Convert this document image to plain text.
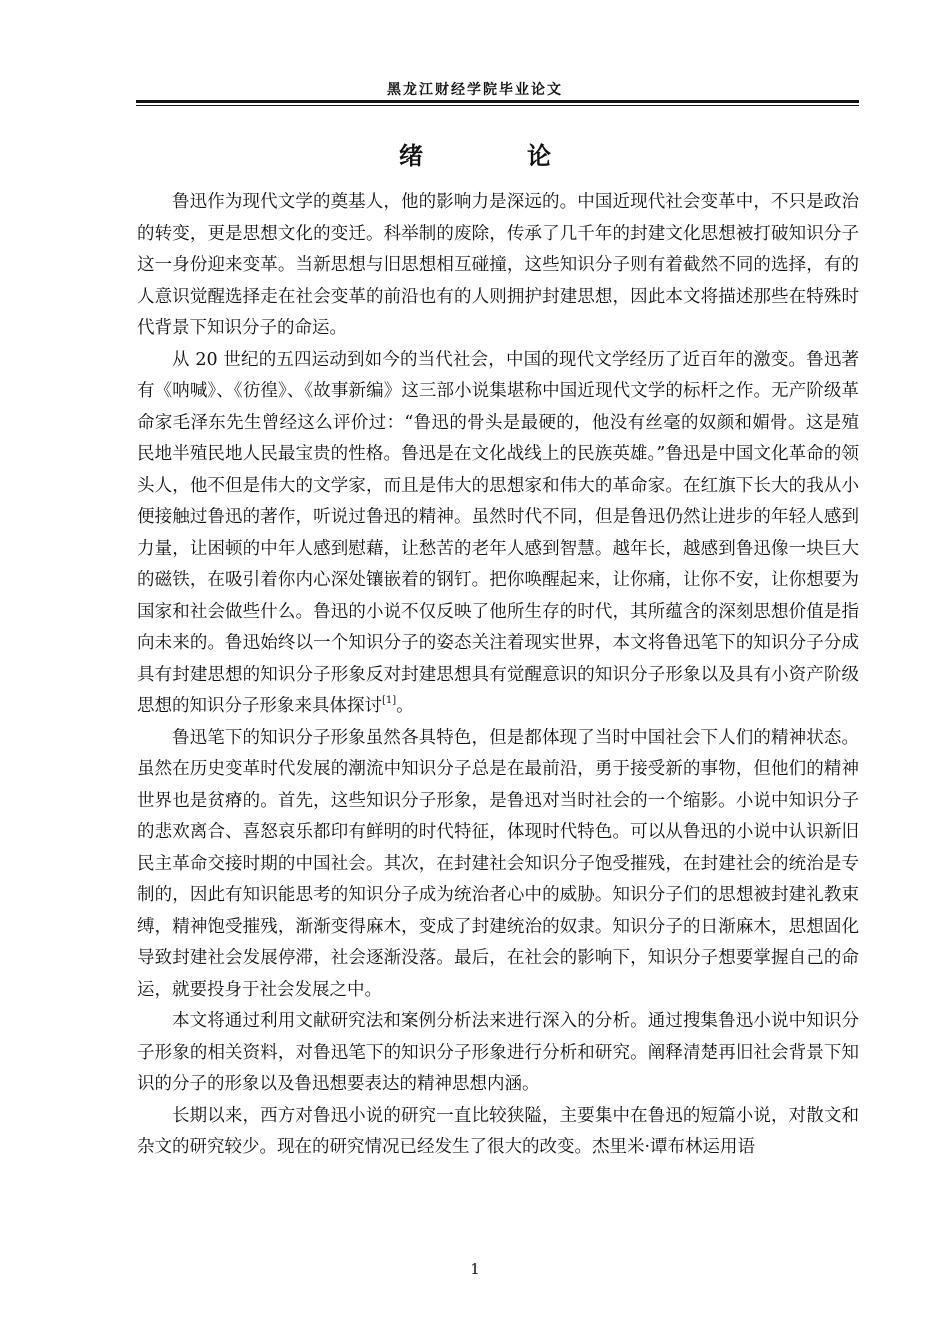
黑龙江财经学院毕业论文
绪　论

鲁迅作为现代文学的奠基人，他的影响力是深远的。中国近现代社会变革中，不只是政治的转变，更是思想文化的变迁。科举制的废除，传承了几千年的封建文化思想被打破知识分子这一身份迎来变革。当新思想与旧思想相互碰撞，这些知识分子则有着截然不同的选择，有的人意识觉醒选择走在社会变革的前沿也有的人则拥护封建思想，因此本文将描述那些在特殊时代背景下知识分子的命运。

从 20 世纪的五四运动到如今的当代社会，中国的现代文学经历了近百年的激变。鲁迅著有《呐喊》、《彷徨》、《故事新编》这三部小说集堪称中国近现代文学的标杆之作。无产阶级革命家毛泽东先生曾经这么评价过：“鲁迅的骨头是最硬的，他没有丝毫的奴颜和媚骨。这是殖民地半殖民地人民最宝贵的性格。鲁迅是在文化战线上的民族英雄。”鲁迅是中国文化革命的领头人，他不但是伟大的文学家，而且是伟大的思想家和伟大的革命家。在红旗下长大的我从小便接触过鲁迅的著作，听说过鲁迅的精神。虽然时代不同，但是鲁迅仍然让进步的年轻人感到力量，让困顿的中年人感到慰藉，让愁苦的老年人感到智慧。越年长，越感到鲁迅像一块巨大的磁铁，在吸引着你内心深处镶嵌着的钢钉。把你唤醒起来，让你痛，让你不安，让你想要为国家和社会做些什么。鲁迅的小说不仅反映了他所生存的时代，其所蕴含的深刻思想价值是指向未来的。鲁迅始终以一个知识分子的姿态关注着现实世界，本文将鲁迅笔下的知识分子分成具有封建思想的知识分子形象反对封建思想具有觉醒意识的知识分子形象以及具有小资产阶级思想的知识分子形象来具体探讨[1]。

鲁迅笔下的知识分子形象虽然各具特色，但是都体现了当时中国社会下人们的精神状态。虽然在历史变革时代发展的潮流中知识分子总是在最前沿，勇于接受新的事物，但他们的精神世界也是贫瘠的。首先，这些知识分子形象，是鲁迅对当时社会的一个缩影。小说中知识分子的悲欢离合、喜怒哀乐都印有鲜明的时代特征，体现时代特色。可以从鲁迅的小说中认识新旧民主革命交接时期的中国社会。其次，在封建社会知识分子饱受摧残，在封建社会的统治是专制的，因此有知识能思考的知识分子成为统治者心中的威胁。知识分子们的思想被封建礼教束缚，精神饱受摧残，渐渐变得麻木，变成了封建统治的奴隶。知识分子的日渐麻木，思想固化导致封建社会发展停滞，社会逐渐没落。最后，在社会的影响下，知识分子想要掌握自己的命运，就要投身于社会发展之中。

本文将通过利用文献研究法和案例分析法来进行深入的分析。通过搜集鲁迅小说中知识分子形象的相关资料，对鲁迅笔下的知识分子形象进行分析和研究。阐释清楚再旧社会背景下知识的分子的形象以及鲁迅想要表达的精神思想内涵。

长期以来，西方对鲁迅小说的研究一直比较狭隘，主要集中在鲁迅的短篇小说，对散文和杂文的研究较少。现在的研究情况已经发生了很大的改变。杰里米·谭布林运用语

1
